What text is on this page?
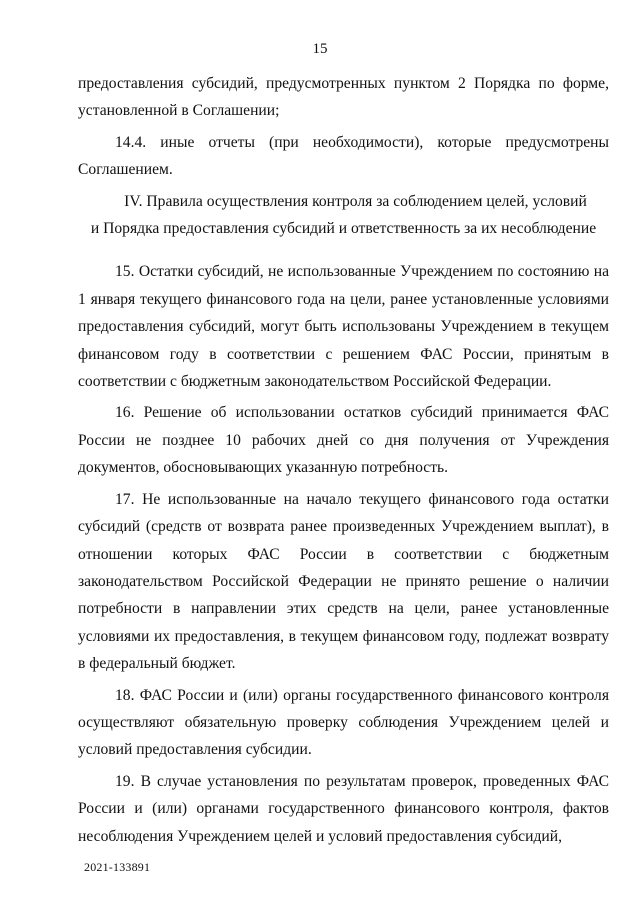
15

предоставления субсидий, предусмотренных пунктом 2 Порядка по форме, установленной в Соглашении;

14.4. иные отчеты (при необходимости), которые предусмотрены Соглашением.

IV. Правила осуществления контроля за соблюдением целей, условий
и Порядка предоставления субсидий и ответственность за их несоблюдение

15. Остатки субсидий, не использованные Учреждением по состоянию на 1 января текущего финансового года на цели, ранее установленные условиями предоставления субсидий, могут быть использованы Учреждением в текущем финансовом году в соответствии с решением ФАС России, принятым в соответствии с бюджетным законодательством Российской Федерации.

16. Решение об использовании остатков субсидий принимается ФАС России не позднее 10 рабочих дней со дня получения от Учреждения документов, обосновывающих указанную потребность.

17. Не использованные на начало текущего финансового года остатки субсидий (средств от возврата ранее произведенных Учреждением выплат), в отношении которых ФАС России в соответствии с бюджетным законодательством Российской Федерации не принято решение о наличии потребности в направлении этих средств на цели, ранее установленные условиями их предоставления, в текущем финансовом году, подлежат возврату в федеральный бюджет.

18. ФАС России и (или) органы государственного финансового контроля осуществляют обязательную проверку соблюдения Учреждением целей и условий предоставления субсидии.

19. В случае установления по результатам проверок, проведенных ФАС России и (или) органами государственного финансового контроля, фактов несоблюдения Учреждением целей и условий предоставления субсидий,

2021-133891
